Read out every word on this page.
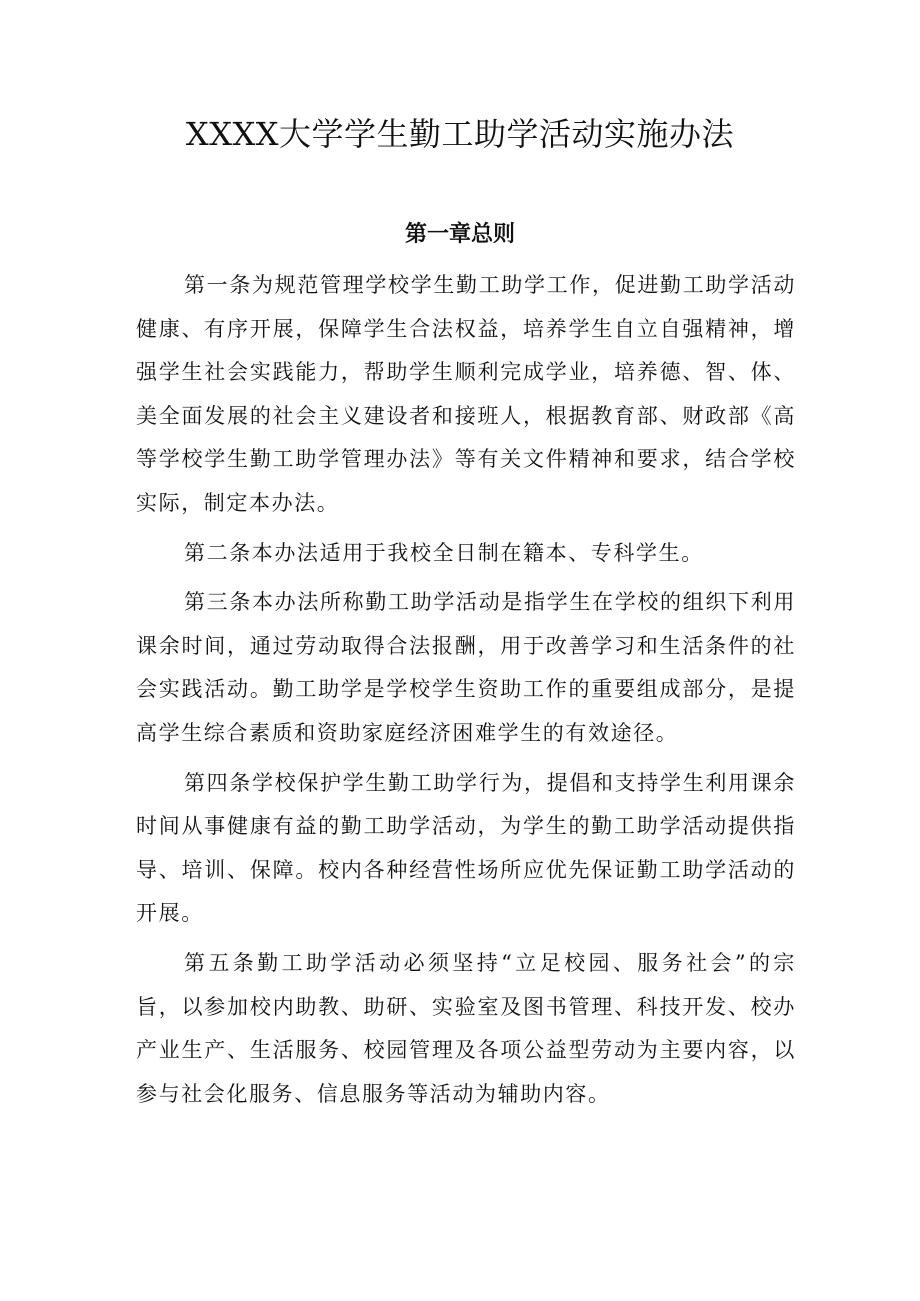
XXXX大学学生勤工助学活动实施办法
第一章总则

第一条为规范管理学校学生勤工助学工作，促进勤工助学活动健康、有序开展，保障学生合法权益，培养学生自立自强精神，增强学生社会实践能力，帮助学生顺利完成学业，培养德、智、体、美全面发展的社会主义建设者和接班人，根据教育部、财政部《高等学校学生勤工助学管理办法》等有关文件精神和要求，结合学校实际，制定本办法。

第二条本办法适用于我校全日制在籍本、专科学生。

第三条本办法所称勤工助学活动是指学生在学校的组织下利用课余时间，通过劳动取得合法报酬，用于改善学习和生活条件的社会实践活动。勤工助学是学校学生资助工作的重要组成部分，是提高学生综合素质和资助家庭经济困难学生的有效途径。

第四条学校保护学生勤工助学行为，提倡和支持学生利用课余时间从事健康有益的勤工助学活动，为学生的勤工助学活动提供指导、培训、保障。校内各种经营性场所应优先保证勤工助学活动的开展。

第五条勤工助学活动必须坚持“立足校园、服务社会”的宗旨，以参加校内助教、助研、实验室及图书管理、科技开发、校办产业生产、生活服务、校园管理及各项公益型劳动为主要内容，以参与社会化服务、信息服务等活动为辅助内容。
